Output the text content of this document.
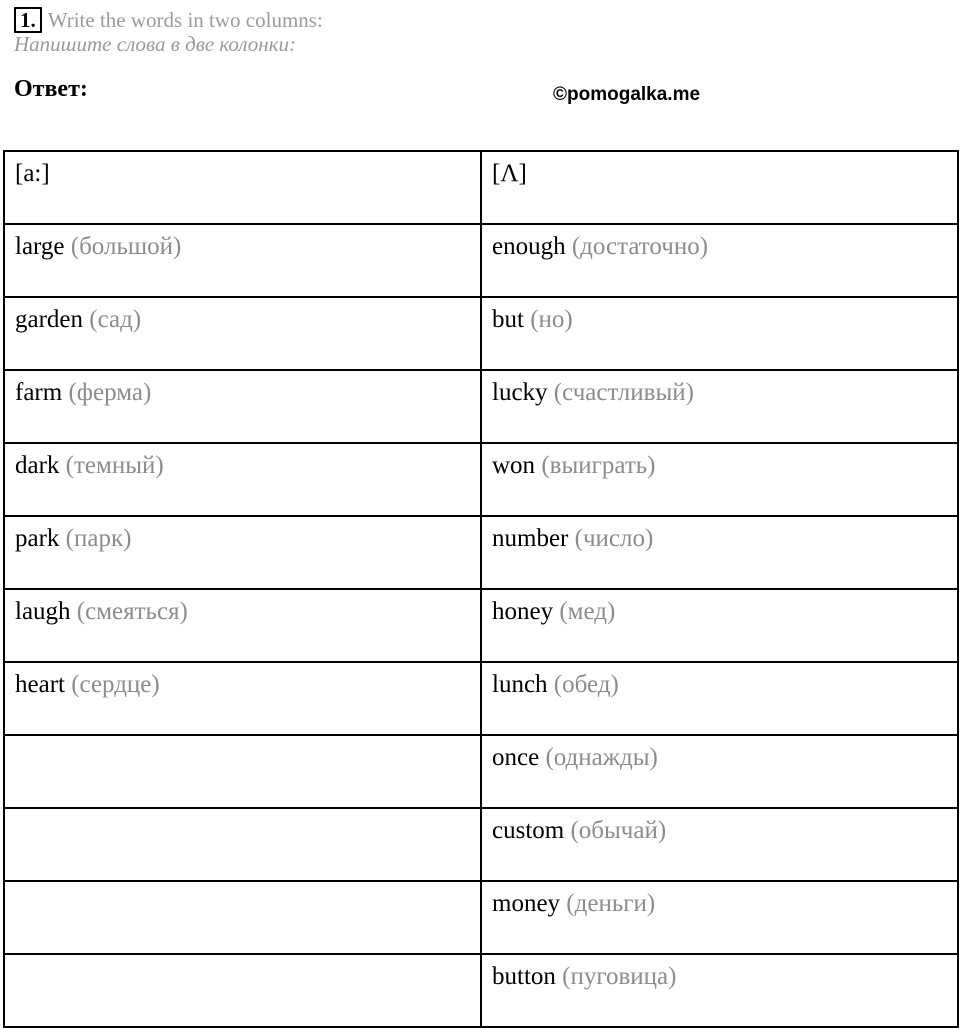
1. Write the words in two columns:
Напишите слова в две колонки:
Ответ:	©pomogalka.me
[a:]	[Λ]
large (большой)	enough (достаточно)
garden (сад)	but (но)
farm (ферма)	lucky (счастливый)
dark (темный)	won (выиграть)
park (парк)	number (число)
laugh (смеяться)	honey (мед)
heart (сердце)	lunch (обед)
	once (однажды)
	custom (обычай)
	money (деньги)
	button (пуговица)
